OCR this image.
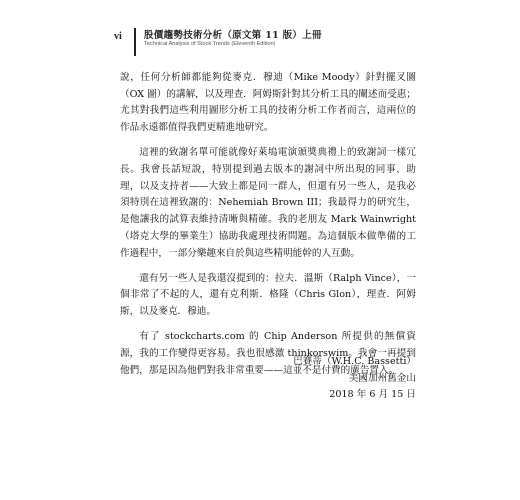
vi 股價趨勢技術分析（原文第 11 版）上冊
Technical Analysis of Stock Trends (Eleventh Edition)

說，任何分析師都能夠從麥克．穆迪（Mike Moody）針對擺叉圖（OX 圖）的講解，以及理查．阿姆斯針對其分析工具的闡述而受惠；尤其對我們這些利用圖形分析工具的技術分析工作者而言，這兩位的作品永遠都值得我們更精進地研究。

這裡的致謝名單可能就像好萊塢電演頒獎典禮上的致謝詞一樣冗長。我會長話短說，特別提到過去版本的謝詞中所出現的同事、助理，以及支持者——大致上都是同一群人，但還有另一些人，是我必須特別在這裡致謝的：Nehemiah Brown III；我最得力的研究生，是他讓我的試算表維持清晰與精確。我的老朋友 Mark Wainwright（塔克大學的畢業生）協助我處理技術問題。為這個版本做準備的工作過程中，一部分樂趣來自於與這些精明能幹的人互動。

還有另一些人是我還沒提到的：拉夫．溫斯（Ralph Vince），一個非常了不起的人，還有克利斯．格隆（Chris Glon），理查．阿姆斯，以及麥克．穆迪。

有了 stockcharts.com 的 Chip Anderson 所提供的無償資源，我的工作變得更容易。我也很感激 thinkorswim。我會一再提到他們，那是因為他們對我非常重要——這並不是付費的廣告置入。

巴賽蒂（W.H.C. Bassetti）
美國加州舊金山
2018 年 6 月 15 日
